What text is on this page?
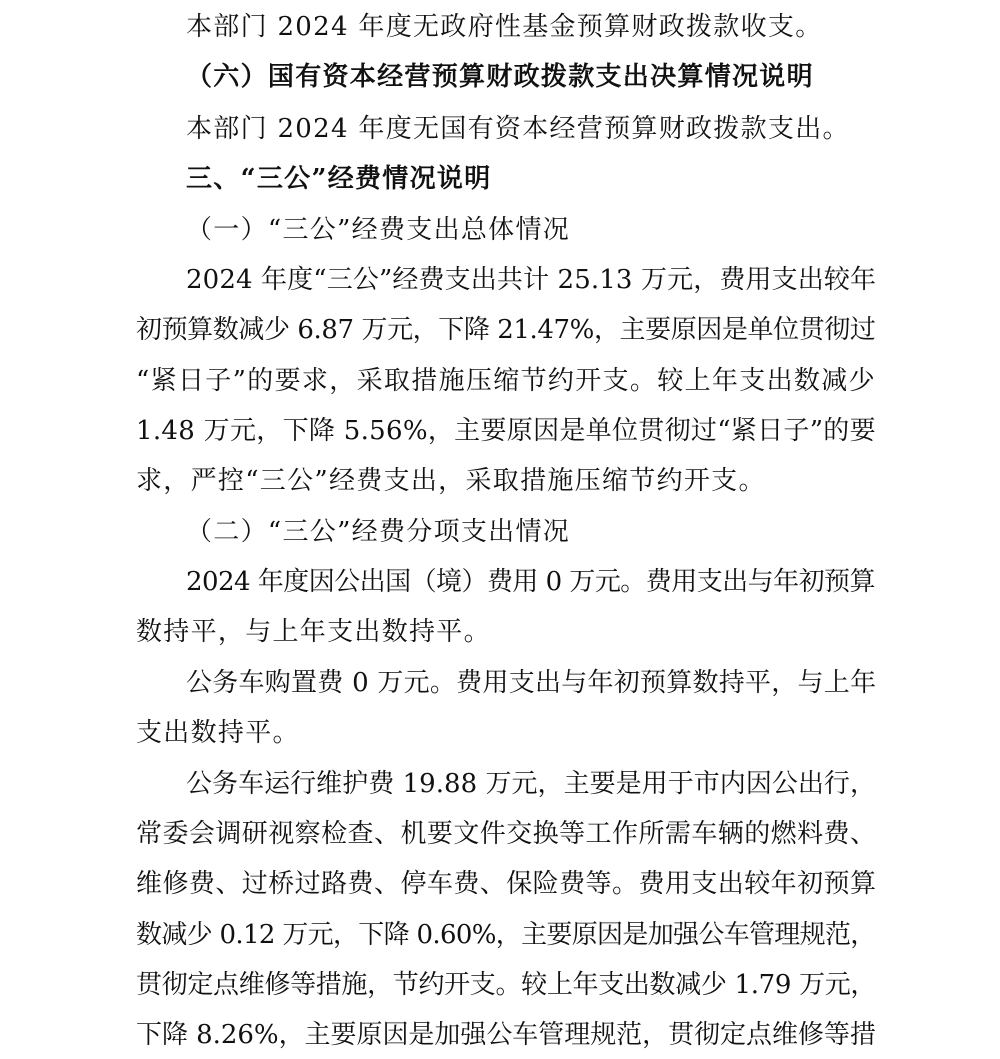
本部门 2024 年度无政府性基金预算财政拨款收支。
（六）国有资本经营预算财政拨款支出决算情况说明
本部门 2024 年度无国有资本经营预算财政拨款支出。
三、“三公”经费情况说明
（一）“三公”经费支出总体情况
2024 年度“三公”经费支出共计 25.13 万元，费用支出较年
初预算数减少 6.87 万元，下降 21.47%，主要原因是单位贯彻过
“紧日子”的要求，采取措施压缩节约开支。较上年支出数减少
1.48 万元，下降 5.56%，主要原因是单位贯彻过“紧日子”的要
求，严控“三公”经费支出，采取措施压缩节约开支。
（二）“三公”经费分项支出情况
2024 年度因公出国（境）费用 0 万元。费用支出与年初预算
数持平，与上年支出数持平。
公务车购置费 0 万元。费用支出与年初预算数持平，与上年
支出数持平。
公务车运行维护费 19.88 万元，主要是用于市内因公出行，
常委会调研视察检查、机要文件交换等工作所需车辆的燃料费、
维修费、过桥过路费、停车费、保险费等。费用支出较年初预算
数减少 0.12 万元，下降 0.60%，主要原因是加强公车管理规范，
贯彻定点维修等措施，节约开支。较上年支出数减少 1.79 万元，
下降 8.26%，主要原因是加强公车管理规范，贯彻定点维修等措
